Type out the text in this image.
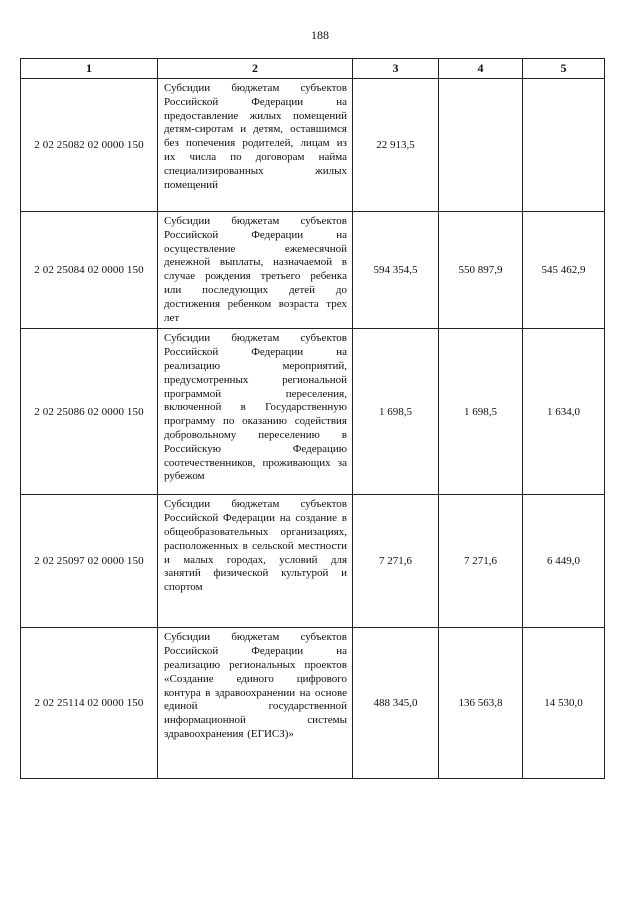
188
1	2	3	4	5
2 02 25082 02 0000 150	Субсидии бюджетам субъектов Российской Федерации на предоставление жилых помещений детям-сиротам и детям, оставшимся без попечения родителей, лицам из их числа по договорам найма специализированных жилых помещений	22 913,5		
2 02 25084 02 0000 150	Субсидии бюджетам субъектов Российской Федерации на осуществление ежемесячной денежной выплаты, назначаемой в случае рождения третьего ребенка или последующих детей до достижения ребенком возраста трех лет	594 354,5	550 897,9	545 462,9
2 02 25086 02 0000 150	Субсидии бюджетам субъектов Российской Федерации на реализацию мероприятий, предусмотренных региональной программой переселения, включенной в Государственную программу по оказанию содействия добровольному переселению в Российскую Федерацию соотечественников, проживающих за рубежом	1 698,5	1 698,5	1 634,0
2 02 25097 02 0000 150	Субсидии бюджетам субъектов Российской Федерации на создание в общеобразовательных организациях, расположенных в сельской местности и малых городах, условий для занятий физической культурой и спортом	7 271,6	7 271,6	6 449,0
2 02 25114 02 0000 150	Субсидии бюджетам субъектов Российской Федерации на реализацию региональных проектов «Создание единого цифрового контура в здравоохранении на основе единой государственной информационной системы здравоохранения (ЕГИСЗ)»	488 345,0	136 563,8	14 530,0
